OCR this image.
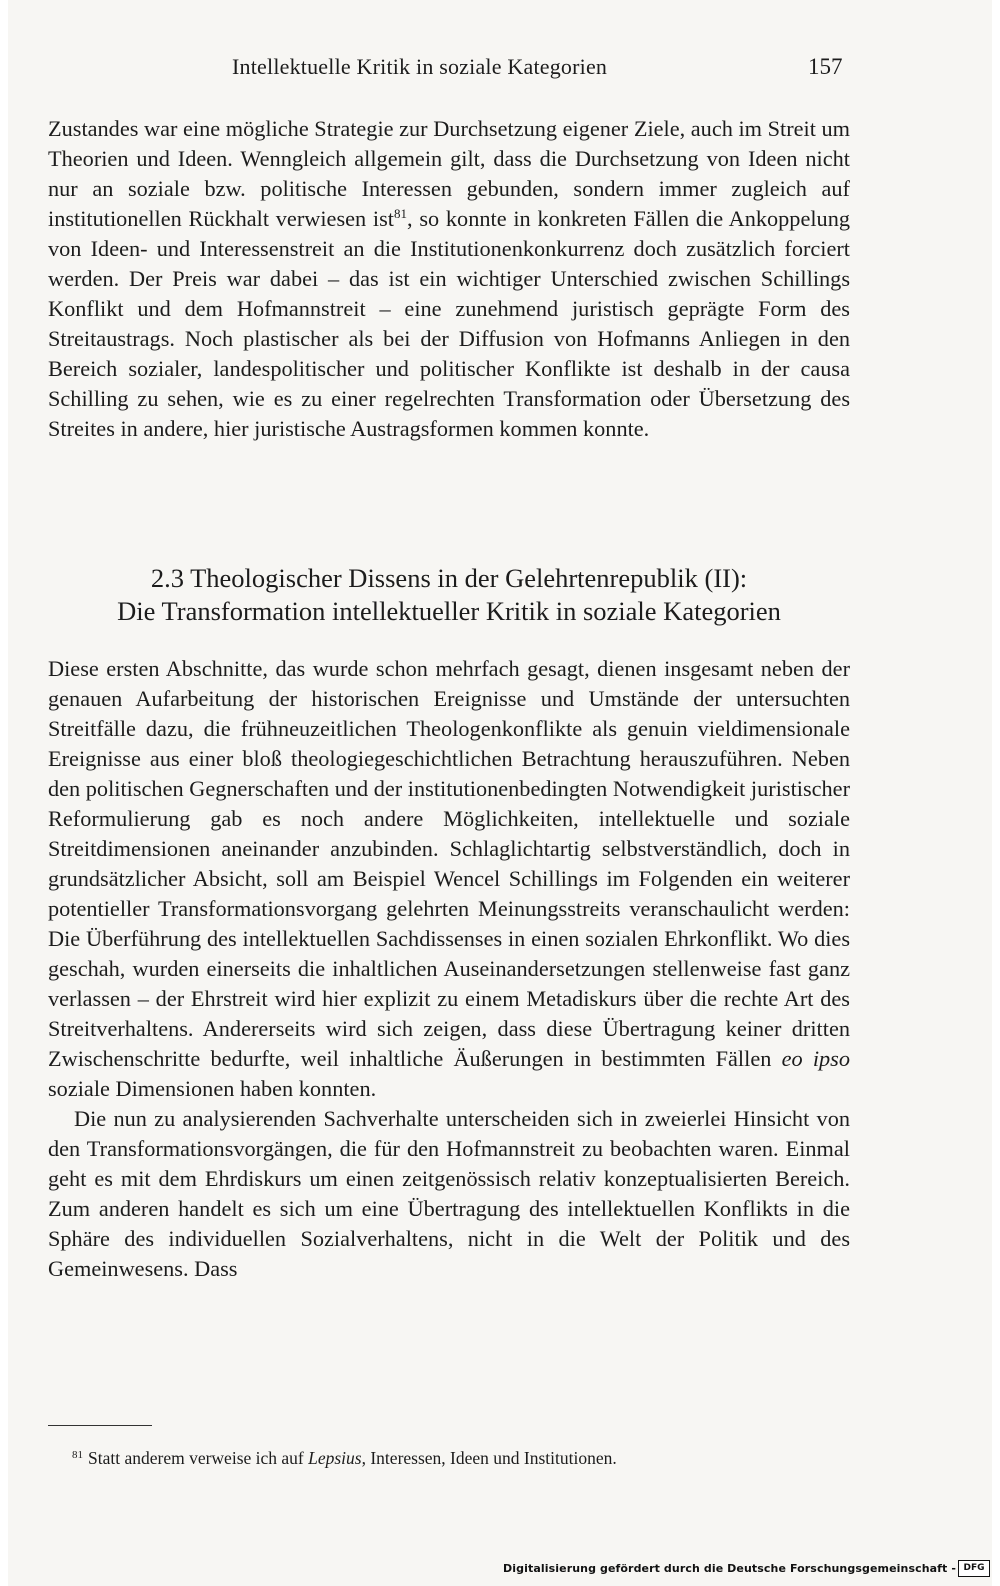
Intellektuelle Kritik in soziale Kategorien	157

Zustandes war eine mögliche Strategie zur Durchsetzung eigener Ziele, auch im Streit um Theorien und Ideen. Wenngleich allgemein gilt, dass die Durchsetzung von Ideen nicht nur an soziale bzw. politische Interessen gebunden, sondern immer zugleich auf institutionellen Rückhalt verwiesen ist$^{81}$, so konnte in konkreten Fällen die Ankoppelung von Ideen- und Interessenstreit an die Institutionenkonkurrenz doch zusätzlich forciert werden. Der Preis war dabei – das ist ein wichtiger Unterschied zwischen Schillings Konflikt und dem Hofmannstreit – eine zunehmend juristisch geprägte Form des Streitaustrags. Noch plastischer als bei der Diffusion von Hofmanns Anliegen in den Bereich sozialer, landespolitischer und politischer Konflikte ist deshalb in der causa Schilling zu sehen, wie es zu einer regelrechten Transformation oder Übersetzung des Streites in andere, hier juristische Austragsformen kommen konnte.

2.3 Theologischer Dissens in der Gelehrtenrepublik (II):
Die Transformation intellektueller Kritik in soziale Kategorien

Diese ersten Abschnitte, das wurde schon mehrfach gesagt, dienen insgesamt neben der genauen Aufarbeitung der historischen Ereignisse und Umstände der untersuchten Streitfälle dazu, die frühneuzeitlichen Theologenkonflikte als genuin vieldimensionale Ereignisse aus einer bloß theologiegeschichtlichen Betrachtung herauszuführen. Neben den politischen Gegnerschaften und der institutionenbedingten Notwendigkeit juristischer Reformulierung gab es noch andere Möglichkeiten, intellektuelle und soziale Streitdimensionen aneinander anzubinden. Schlaglichtartig selbstverständlich, doch in grundsätzlicher Absicht, soll am Beispiel Wencel Schillings im Folgenden ein weiterer potentieller Transformationsvorgang gelehrten Meinungsstreits veranschaulicht werden: Die Überführung des intellektuellen Sachdissenses in einen sozialen Ehrkonflikt. Wo dies geschah, wurden einerseits die inhaltlichen Auseinandersetzungen stellenweise fast ganz verlassen – der Ehrstreit wird hier explizit zu einem Metadiskurs über die rechte Art des Streitverhaltens. Andererseits wird sich zeigen, dass diese Übertragung keiner dritten Zwischenschritte bedurfte, weil inhaltliche Äußerungen in bestimmten Fällen eo ipso soziale Dimensionen haben konnten.

Die nun zu analysierenden Sachverhalte unterscheiden sich in zweierlei Hinsicht von den Transformationsvorgängen, die für den Hofmannstreit zu beobachten waren. Einmal geht es mit dem Ehrdiskurs um einen zeitgenössisch relativ konzeptualisierten Bereich. Zum anderen handelt es sich um eine Übertragung des intellektuellen Konflikts in die Sphäre des individuellen Sozialverhaltens, nicht in die Welt der Politik und des Gemeinwesens. Dass

$^{81}$ Statt anderem verweise ich auf Lepsius, Interessen, Ideen und Institutionen.
Digitalisierung gefördert durch die Deutsche Forschungsgemeinschaft - DFG
